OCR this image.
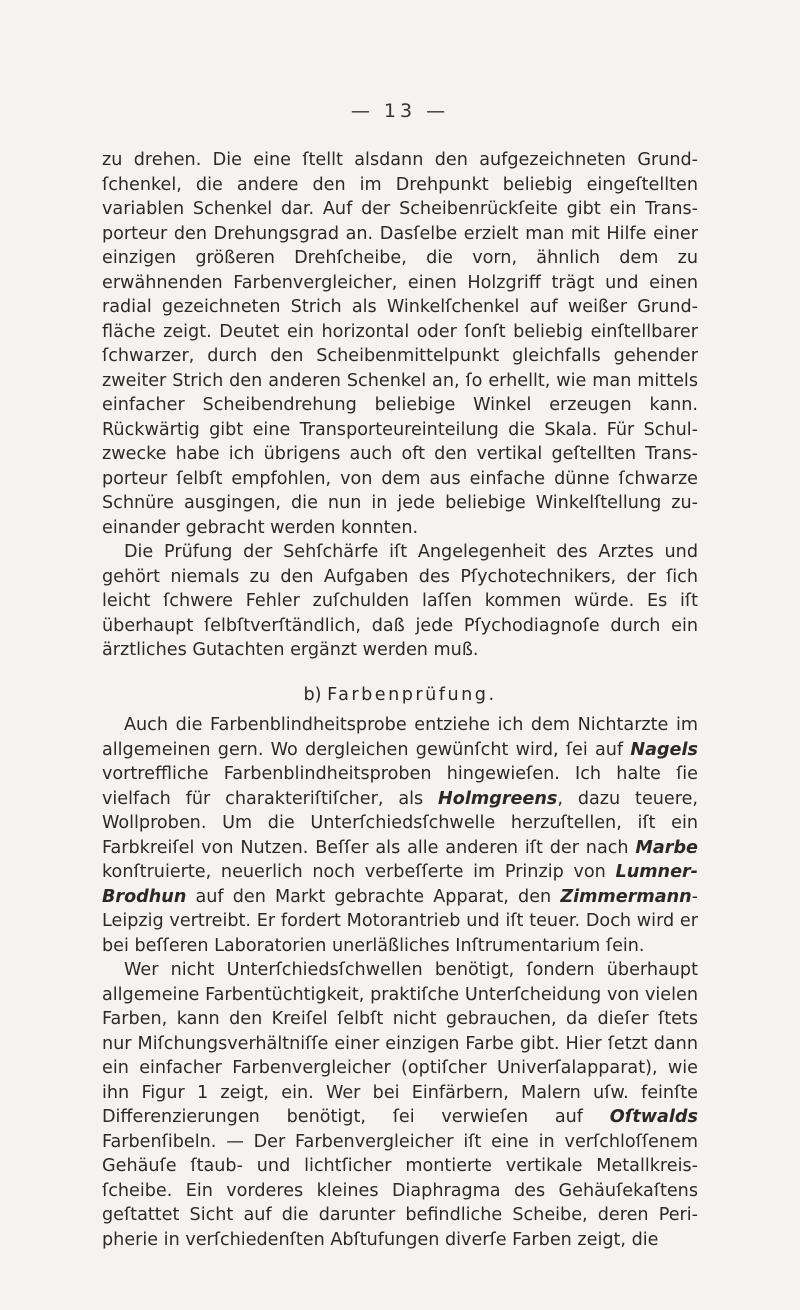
— 13 —

zu drehen. Die eine ſtellt alsdann den aufgezeichneten Grund- ſchenkel, die andere den im Drehpunkt beliebig eingeſtellten variablen Schenkel dar. Auf der Scheibenrückſeite gibt ein Trans- porteur den Drehungsgrad an. Dasſelbe erzielt man mit Hilfe einer einzigen größeren Drehſcheibe, die vorn, ähnlich dem zu erwähnenden Farbenvergleicher, einen Holzgriff trägt und einen radial gezeichneten Strich als Winkelſchenkel auf weißer Grund- fläche zeigt. Deutet ein horizontal oder ſonſt beliebig einſtellbarer ſchwarzer, durch den Scheibenmittelpunkt gleichfalls gehender zweiter Strich den anderen Schenkel an, ſo erhellt, wie man mittels einfacher Scheibendrehung beliebige Winkel erzeugen kann. Rückwärtig gibt eine Transporteureinteilung die Skala. Für Schul- zwecke habe ich übrigens auch oft den vertikal geſtellten Trans- porteur ſelbſt empfohlen, von dem aus einfache dünne ſchwarze Schnüre ausgingen, die nun in jede beliebige Winkelſtellung zu- einander gebracht werden konnten.

Die Prüfung der Sehſchärfe iſt Angelegenheit des Arztes und gehört niemals zu den Aufgaben des Pſychotechnikers, der ſich leicht ſchwere Fehler zuſchulden laſſen kommen würde. Es iſt überhaupt ſelbſtverſtändlich, daß jede Pſychodiagnoſe durch ein ärztliches Gutachten ergänzt werden muß.

b) Farbenprüfung.

Auch die Farbenblindheitsprobe entziehe ich dem Nichtarzte im allgemeinen gern. Wo dergleichen gewünſcht wird, ſei auf Nagels vortreffliche Farbenblindheitsproben hingewieſen. Ich halte ſie vielfach für charakteriſtiſcher, als Holmgreens, dazu teuere, Wollproben. Um die Unterſchiedsſchwelle herzuſtellen, iſt ein Farbkreiſel von Nutzen. Beſſer als alle anderen iſt der nach Marbe konſtruierte, neuerlich noch verbeſſerte im Prinzip von Lumner-Brodhun auf den Markt gebrachte Apparat, den Zimmermann-Leipzig vertreibt. Er fordert Motorantrieb und iſt teuer. Doch wird er bei beſſeren Laboratorien unerläßliches Inſtrumentarium ſein.

Wer nicht Unterſchiedsſchwellen benötigt, ſondern überhaupt allgemeine Farbentüchtigkeit, praktiſche Unterſcheidung von vielen Farben, kann den Kreiſel ſelbſt nicht gebrauchen, da dieſer ſtets nur Miſchungsverhältniſſe einer einzigen Farbe gibt. Hier ſetzt dann ein einfacher Farbenvergleicher (optiſcher Univerſalapparat), wie ihn Figur 1 zeigt, ein. Wer bei Einfärbern, Malern uſw. feinſte Differenzierungen benötigt, ſei verwieſen auf Oſtwalds Farbenſibeln. — Der Farbenvergleicher iſt eine in verſchloſſenem Gehäuſe ſtaub- und lichtſicher montierte vertikale Metallkreis-ſcheibe. Ein vorderes kleines Diaphragma des Gehäuſekaſtens geſtattet Sicht auf die darunter befindliche Scheibe, deren Peri-pherie in verſchiedenſten Abſtufungen diverſe Farben zeigt, die
